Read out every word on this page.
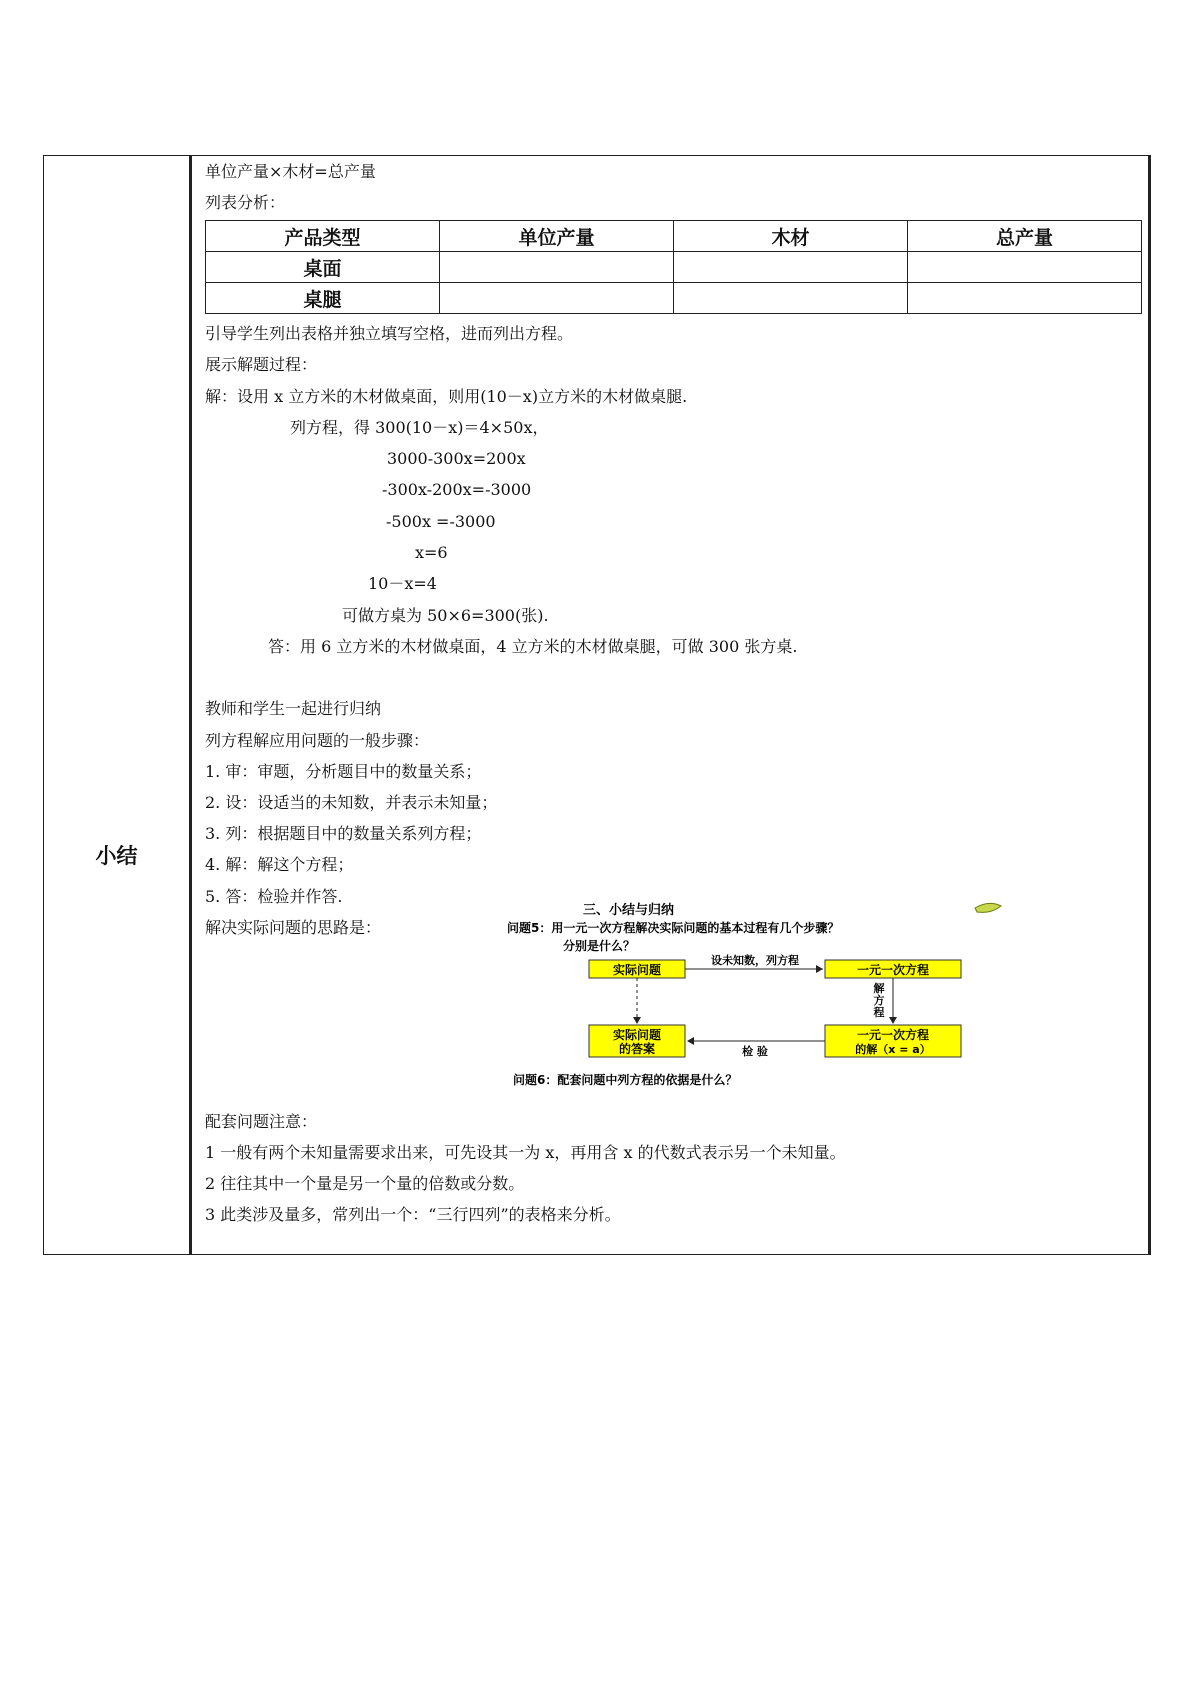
小结
单位产量×木材=总产量
列表分析：
产品类型	单位产量	木材	总产量
桌面			
桌腿			
引导学生列出表格并独立填写空格，进而列出方程。
展示解题过程：
解：设用 x 立方米的木材做桌面，则用(10－x)立方米的木材做桌腿.
列方程，得 300(10－x)＝4×50x，
3000-300x=200x
-300x-200x=-3000
-500x =-3000
x=6
10－x=4
可做方桌为 50×6=300(张).
答：用 6 立方米的木材做桌面，4 立方米的木材做桌腿，可做 300 张方桌.
教师和学生一起进行归纳
列方程解应用问题的一般步骤：
1. 审：审题，分析题目中的数量关系；
2. 设：设适当的未知数，并表示未知量；
3. 列：根据题目中的数量关系列方程；
4. 解：解这个方程；
5. 答：检验并作答.
解决实际问题的思路是：
三、小结与归纳
问题5：用一元一次方程解决实际问题的基本过程有几个步骤？
分别是什么？
实际问题	一元一次方程
设未知数，列方程
解
方
程
一元一次方程
的解（x = a）
实际问题
的答案	检 验
问题6：配套问题中列方程的依据是什么？
配套问题注意：
1 一般有两个未知量需要求出来，可先设其一为 x，再用含 x 的代数式表示另一个未知量。
2 往往其中一个量是另一个量的倍数或分数。
3 此类涉及量多，常列出一个：“三行四列”的表格来分析。
